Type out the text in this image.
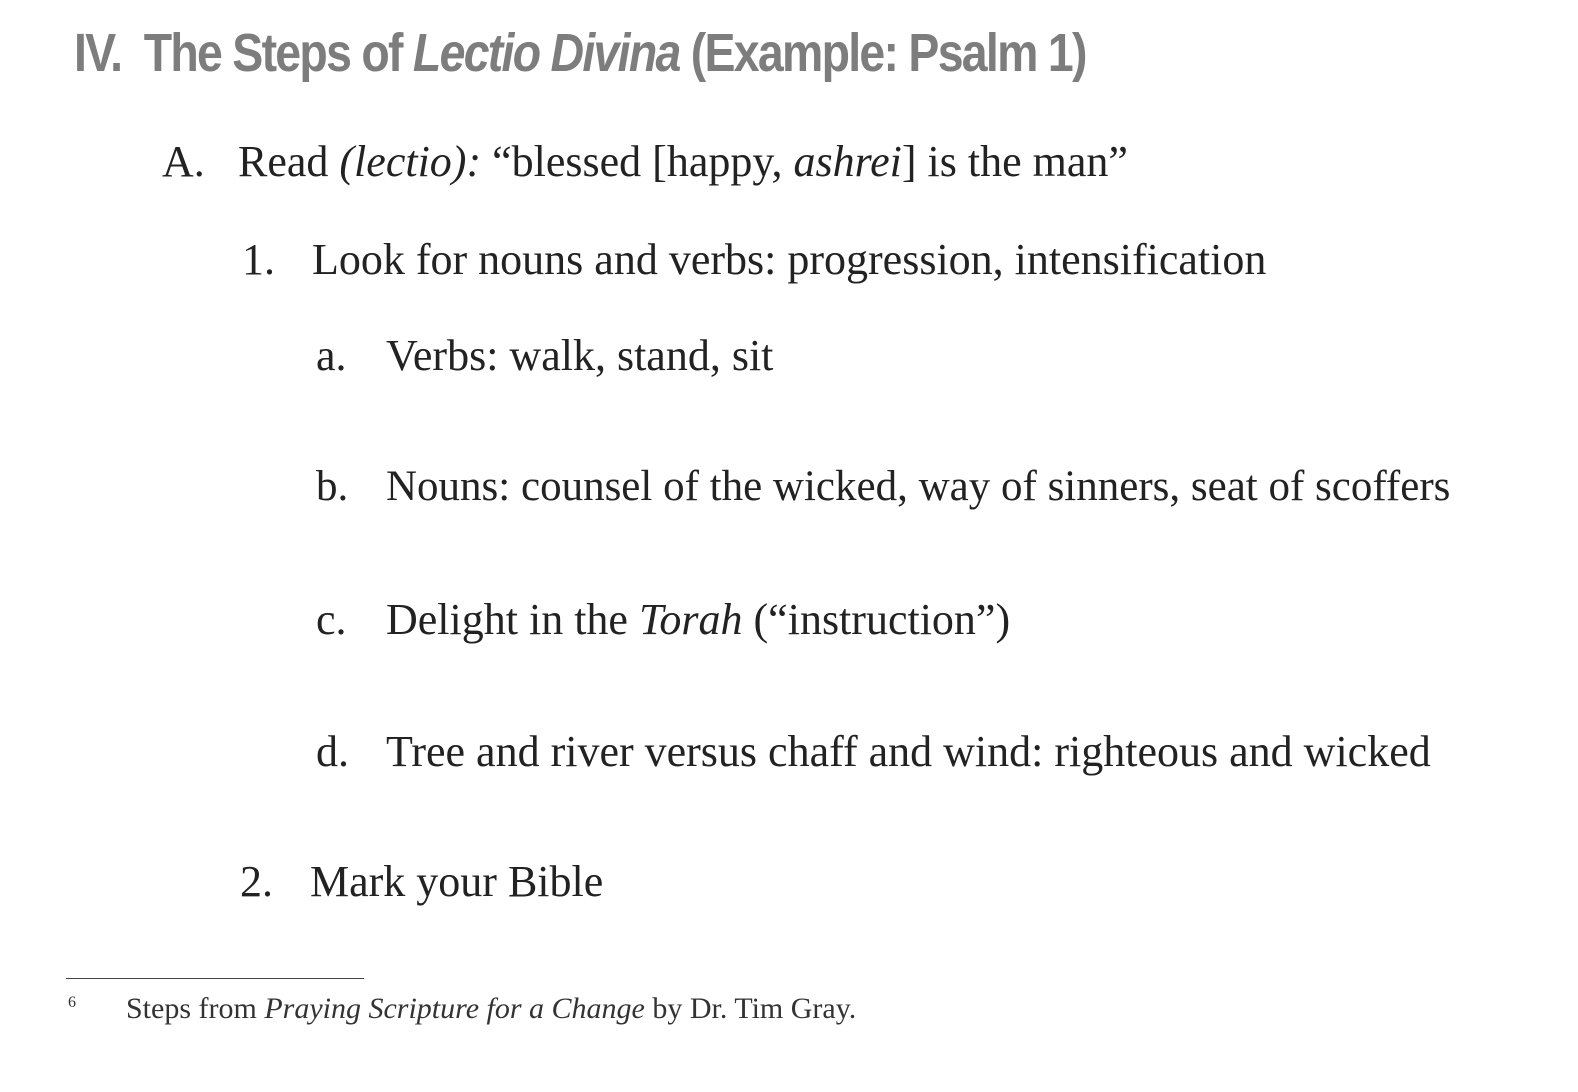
IV. The Steps of Lectio Divina (Example: Psalm 1)
A. Read (lectio): “blessed [happy, ashrei] is the man”
1. Look for nouns and verbs: progression, intensification
a. Verbs: walk, stand, sit
b. Nouns: counsel of the wicked, way of sinners, seat of scoffers
c. Delight in the Torah (“instruction”)
d. Tree and river versus chaff and wind: righteous and wicked
2. Mark your Bible
6 Steps from Praying Scripture for a Change by Dr. Tim Gray.
